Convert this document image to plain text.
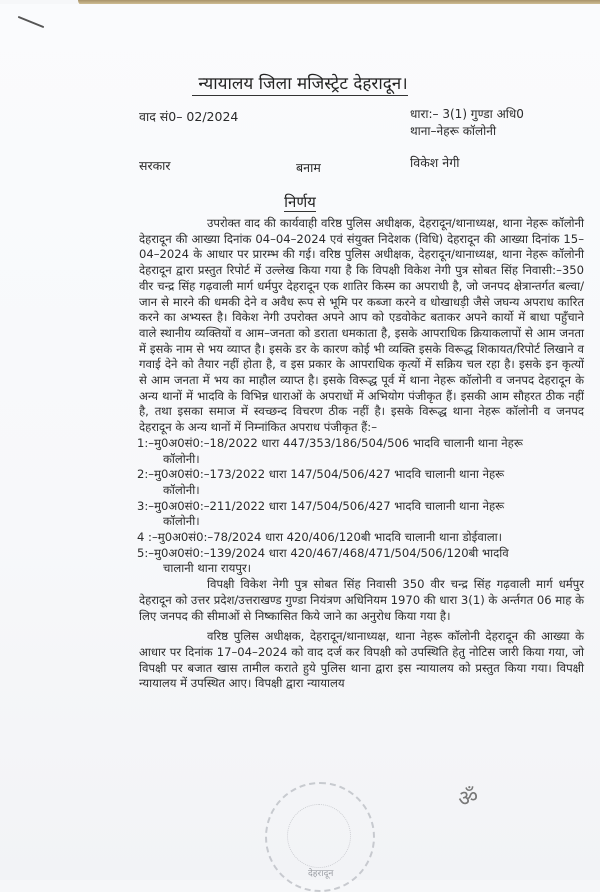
न्यायालय जिला मजिस्ट्रेट देहरादून।
वाद सं0– 02/2024	धारा:– 3(1) गुण्डा अधि0
थाना–नेहरू कॉलोनी
सरकार	बनाम	विकेश नेगी
निर्णय

उपरोक्त वाद की कार्यवाही वरिष्ठ पुलिस अधीक्षक, देहरादून/थानाध्यक्ष, थाना नेहरू कॉलोनी देहरादून की आख्या दिनांक 04–04–2024 एवं संयुक्त निदेशक (विधि) देहरादून की आख्या दिनांक 15–04–2024 के आधार पर प्रारम्भ की गई। वरिष्ठ पुलिस अधीक्षक, देहरादून/थानाध्यक्ष, थाना नेहरू कॉलोनी देहरादून द्वारा प्रस्तुत रिपोर्ट में उल्लेख किया गया है कि विपक्षी विकेश नेगी पुत्र सोबत सिंह निवासी:–350 वीर चन्द्र सिंह गढ़वाली मार्ग धर्मपुर देहरादून एक शातिर किस्म का अपराधी है, जो जनपद क्षेत्रान्तर्गत बल्वा/जान से मारने की धमकी देने व अवैध रूप से भूमि पर कब्जा करने व धोखाधड़ी जैसे जघन्य अपराध कारित करने का अभ्यस्त है। विकेश नेगी उपरोक्त अपने आप को एडवोकेट बताकर अपने कार्यो में बाधा पहुँचाने वाले स्थानीय व्यक्तियों व आम–जनता को डराता धमकाता है, इसके आपराधिक क्रियाकलापों से आम जनता में इसके नाम से भय व्याप्त है। इसके डर के कारण कोई भी व्यक्ति इसके विरूद्ध शिकायत/रिपोर्ट लिखाने व गवाई देने को तैयार नहीं होता है, व इस प्रकार के आपराधिक कृत्यों में सक्रिय चल रहा है। इसके इन कृत्यों से आम जनता में भय का माहौल व्याप्त है। इसके विरूद्ध पूर्व में थाना नेहरू कॉलोनी व जनपद देहरादून के अन्य थानों में भादवि के विभिन्न धाराओं के अपराधों में अभियोग पंजीकृत हैं। इसकी आम सौहरत ठीक नहीं है, तथा इसका समाज में स्वच्छन्द विचरण ठीक नहीं है। इसके विरूद्ध थाना नेहरू कॉलोनी व जनपद देहरादून के अन्य थानों में निम्नांकित अपराध पंजीकृत हैं:–

1:–मु0अ0सं0:–18/2022 धारा 447/353/186/504/506 भादवि चालानी थाना नेहरू
कॉलोनी।
2:–मु0अ0सं0:–173/2022 धारा 147/504/506/427 भादवि चालानी थाना नेहरू
कॉलोनी।
3:–मु0अ0सं0:–211/2022 धारा 147/504/506/427 भादवि चालानी थाना नेहरू
कॉलोनी।
4 :–मु0अ0सं0:–78/2024 धारा 420/406/120बी भादवि चालानी थाना डोईवाला।
5:–मु0अ0सं0:–139/2024 धारा 420/467/468/471/504/506/120बी भादवि
चालानी थाना रायपुर।

विपक्षी विकेश नेगी पुत्र सोबत सिंह निवासी 350 वीर चन्द्र सिंह गढ़वाली मार्ग धर्मपुर देहरादून को उत्तर प्रदेश/उत्तराखण्ड गुण्डा नियंत्रण अधिनियम 1970 की धारा 3(1) के अर्न्तगत 06 माह के लिए जनपद की सीमाओं से निष्कासित किये जाने का अनुरोध किया गया है।

वरिष्ठ पुलिस अधीक्षक, देहरादून/थानाध्यक्ष, थाना नेहरू कॉलोनी देहरादून की आख्या के आधार पर दिनांक 17–04–2024 को वाद दर्ज कर विपक्षी को उपस्थिति हेतु नोटिस जारी किया गया, जो विपक्षी पर बजात खास तामील कराते हुये पुलिस थाना द्वारा इस न्यायालय को प्रस्तुत किया गया। विपक्षी न्यायालय में उपस्थित आए। विपक्षी द्वारा न्यायालय

देहरादून
ॐ
